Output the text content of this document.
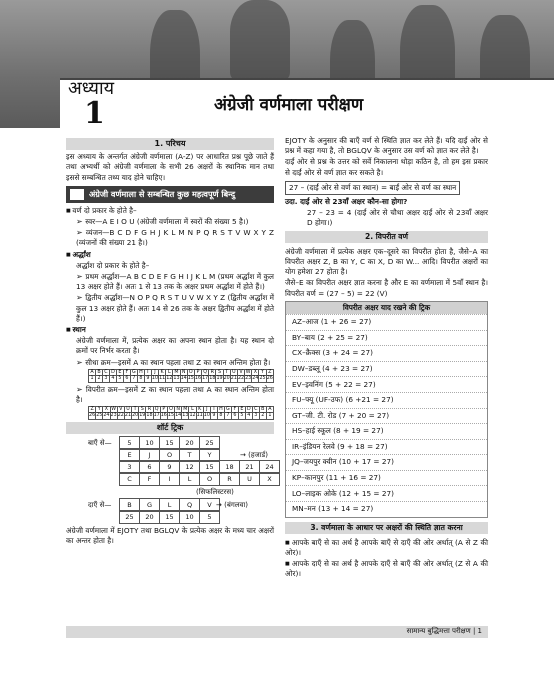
अध्याय
1	अंग्रेजी वर्णमाला परीक्षण
1. परिचय

इस अध्याय के अन्तर्गत अंग्रेजी वर्णमाला (A-Z) पर आधारित प्रश्न पूछे जाते हैं तथा अभ्यर्थी को अंग्रेजी वर्णमाला के सभी 26 अक्षरों के स्थानिक मान तथा इससे सम्बन्धित तथ्य याद होने चाहिए।

अंग्रेजी वर्णमाला से सम्बन्धित कुछ महत्वपूर्ण बिन्दु

■ वर्ण दो प्रकार के होते है–

➢ स्वर—A E I O U (अंग्रेजी वर्णमाला में स्वरों की संख्या 5 है।)

➢ व्यंजन—B C D F G H J K L M N P Q R S T V W X Y Z (व्यंजनों की संख्या 21 है।)

■ अर्द्धांश

अर्द्धांश दो प्रकार के होते है–

➢ प्रथम अर्द्धांश—A B C D E F G H I J K L M (प्रथम अर्द्धांश में कुल 13 अक्षर होते हैं। अतः 1 से 13 तक के अक्षर प्रथम अर्द्धांश में होते हैं।)

➢ द्वितीय अर्द्धांश—N O P Q R S T U V W X Y Z (द्वितीय अर्द्धांश में कुल 13 अक्षर होते हैं। अतः 14 से 26 तक के अक्षर द्वितीय अर्द्धांश में होते हैं।)

■ स्थान

अंग्रेजी वर्णमाला में, प्रत्येक अक्षर का अपना स्थान होता है। यह स्थान दो क्रमों पर निर्भर करता है।

➢ सीधा क्रम—इसमें A का स्थान पहला तथा Z का स्थान अन्तिम होता है।

A	B	C	D	E	F	G	H	I	J	K	L	M	N	O	P	Q	R	S	T	U	V	W	X	Y	Z
1	2	3	4	5	6	7	8	9	10	11	12	13	14	15	16	17	18	19	20	21	22	23	24	25	26

➢ विपरीत क्रम—इसमें Z का स्थान पहला तथा A का स्थान अन्तिम होता है।

Z	Y	X	W	V	U	T	S	R	Q	P	O	N	M	L	K	J	I	H	G	F	E	D	C	B	A
26	25	24	23	22	21	20	19	18	17	16	15	14	13	12	11	10	9	8	7	6	5	4	3	2	1
शॉर्ट ट्रिक
बाएँ से—	5	10	15	20	25
E	J	O	T	Y	→ (हजार्ड)
3	6	9	12	15	18	21	24
C	F	I	L	O	R	U	X
(सिफलिस्टरस)
दाएँ से—	B	G	L	Q	V → (बंगलवा)
25	20	15	10	5

अंग्रेजी वर्णमाला में EJOTY तथा BGLQV के प्रत्येक अक्षर के मध्य चार अक्षरों का अन्तर होता है।

EJOTY के अनुसार की बाएँ वर्ण से स्थिति ज्ञात कर लेते हैं। यदि दाईं ओर से प्रश्न में कहा गया है, तो BGLQV के अनुसार उस वर्ण को ज्ञात कर लेते है।

दाईं ओर से प्रश्न के उत्तर को सर्वे निकालना थोड़ा कठिन है, तो हम इस प्रकार से दाईं ओर से वर्ण ज्ञात कर सकते है।

27 – (दाईं ओर से वर्ण का स्थान) = बाईं ओर से वर्ण का स्थान

उदा. दाईं ओर से 23वाँ अक्षर कौन-सा होगा?

27 – 23 = 4 (दाईं ओर से चौथा अक्षर दाईं ओर से 23वाँ अक्षर D होगा।)

2. विपरीत वर्ण

अंग्रेजी वर्णमाला में प्रत्येक अक्षर एक–दूसरे का विपरीत होता है, जैसे–A का विपरीत अक्षर Z, B का Y, C का X, D का W... आदि। विपरीत अक्षरों का योग हमेशा 27 होता है।

जैसे–E का विपरीत अक्षर ज्ञात करना है और E का वर्णमाला में 5वाँ स्थान है। विपरीत वर्ण = (27 – 5) = 22 (V)

विपरीत अक्षर याद रखने की ट्रिक
AZ–आज (1 + 26 = 27)
BY–बाय (2 + 25 = 27)
CX–क्रैक्स (3 + 24 = 27)
DW–डब्लू (4 + 23 = 27)
EV–इवनिंग (5 + 22 = 27)
FU–फ्यू (UF-उफ) (6 +21 = 27)
GT–जी. टी. रोड (7 + 20 = 27)
HS–हाई स्कूल (8 + 19 = 27)
IR–इंडियन रेलवे (9 + 18 = 27)
JQ–जयपुर क्वीन (10 + 17 = 27)
KP–कानपुर (11 + 16 = 27)
LO–लाइक ओके (12 + 15 = 27)
MN–मन (13 + 14 = 27)
3. वर्णमाला के आधार पर अक्षरों की स्थिति ज्ञात करना

■ आपके बाएँ से का अर्थ है आपके बाएँ से दाएँ की ओर अर्थात् (A से Z की ओर)।

■ आपके दाएँ से का अर्थ है आपके दाएँ से बाएँ की ओर अर्थात् (Z से A की ओर)।

सामान्य बुद्धिमत्ता परीक्षण | 1
